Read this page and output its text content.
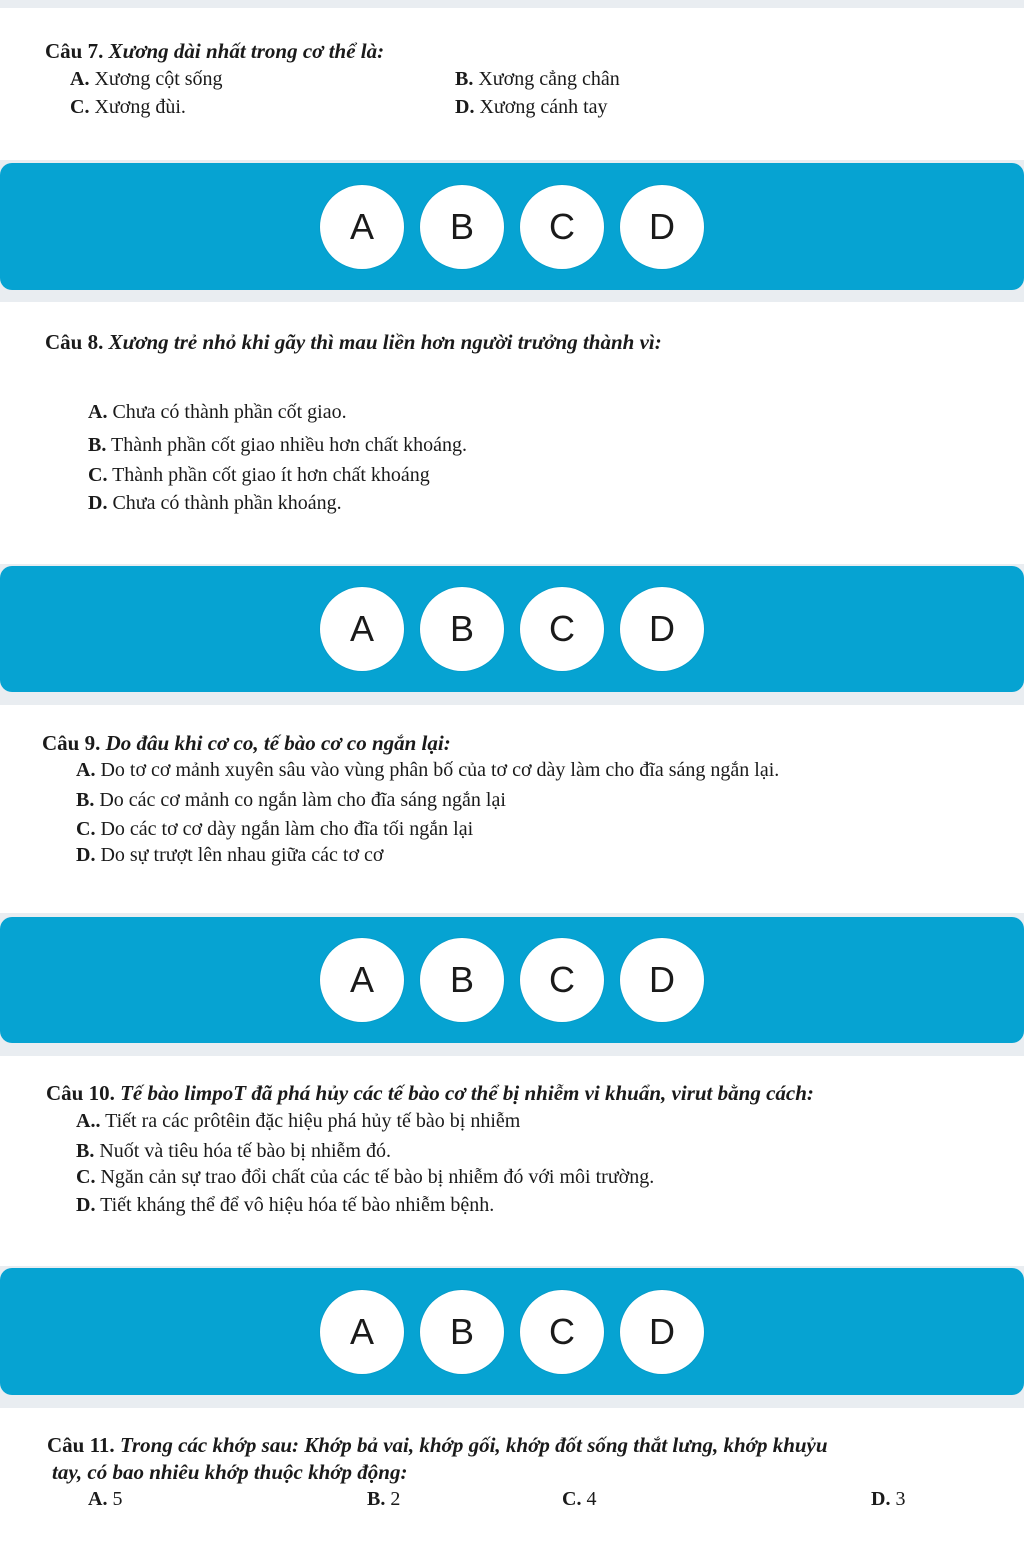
Câu 7. Xương dài nhất trong cơ thể là:
A. Xương cột sống	B. Xương cẳng chân
C. Xương đùi.	D. Xương cánh tay
A	B	C	D
Câu 8. Xương trẻ nhỏ khi gãy thì mau liền hơn người trưởng thành vì:
A. Chưa có thành phần cốt giao.
B. Thành phần cốt giao nhiều hơn chất khoáng.
C. Thành phần cốt giao ít hơn chất khoáng
D. Chưa có thành phần khoáng.
A	B	C	D
Câu 9. Do đâu khi cơ co, tế bào cơ co ngắn lại:
A. Do tơ cơ mảnh xuyên sâu vào vùng phân bố của tơ cơ dày làm cho đĩa sáng ngắn lại.
B. Do các cơ mảnh co ngắn làm cho đĩa sáng ngắn lại
C. Do các tơ cơ dày ngắn làm cho đĩa tối ngắn lại
D. Do sự trượt lên nhau giữa các tơ cơ
A	B	C	D
Câu 10. Tế bào limpoT đã phá hủy các tế bào cơ thể bị nhiễm vi khuẩn, virut bằng cách:
A.. Tiết ra các prôtêin đặc hiệu phá hủy tế bào bị nhiễm
B. Nuốt và tiêu hóa tế bào bị nhiễm đó.
C. Ngăn cản sự trao đổi chất của các tế bào bị nhiễm đó với môi trường.
D. Tiết kháng thể để vô hiệu hóa tế bào nhiễm bệnh.
A	B	C	D
Câu 11. Trong các khớp sau: Khớp bả vai, khớp gối, khớp đốt sống thắt lưng, khớp khuỷu
tay, có bao nhiêu khớp thuộc khớp động:
A. 5	B. 2	C. 4	D. 3
